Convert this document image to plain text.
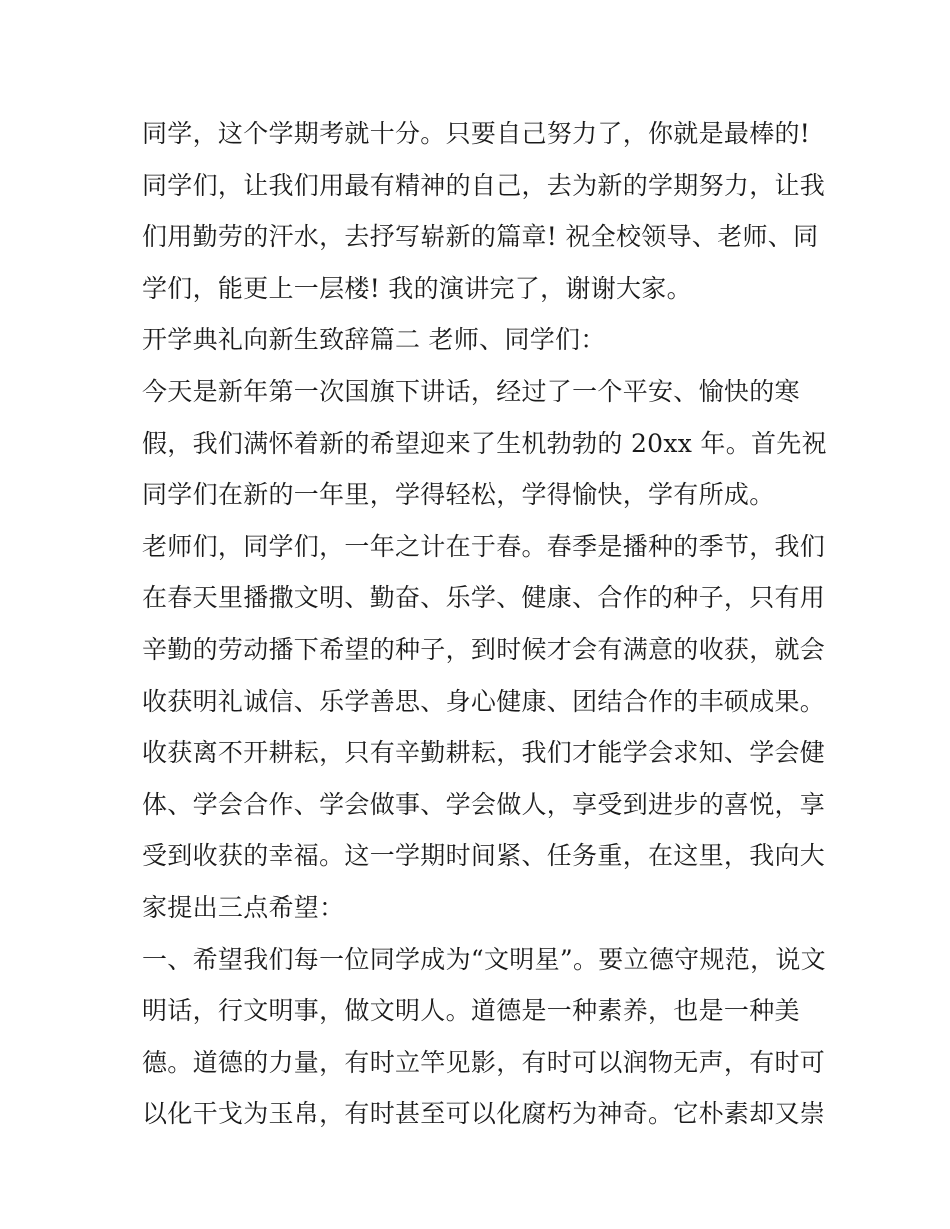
同学，这个学期考就十分。只要自己努力了，你就是最棒的!
同学们，让我们用最有精神的自己，去为新的学期努力，让我
们用勤劳的汗水，去抒写崭新的篇章! 祝全校领导、老师、同
学们，能更上一层楼! 我的演讲完了，谢谢大家。
开学典礼向新生致辞篇二 老师、同学们：
今天是新年第一次国旗下讲话，经过了一个平安、愉快的寒
假，我们满怀着新的希望迎来了生机勃勃的 20xx 年。首先祝
同学们在新的一年里，学得轻松，学得愉快，学有所成。
老师们，同学们，一年之计在于春。春季是播种的季节，我们
在春天里播撒文明、勤奋、乐学、健康、合作的种子，只有用
辛勤的劳动播下希望的种子，到时候才会有满意的收获，就会
收获明礼诚信、乐学善思、身心健康、团结合作的丰硕成果。
收获离不开耕耘，只有辛勤耕耘，我们才能学会求知、学会健
体、学会合作、学会做事、学会做人，享受到进步的喜悦，享
受到收获的幸福。这一学期时间紧、任务重，在这里，我向大
家提出三点希望：
一、希望我们每一位同学成为“文明星”。要立德守规范，说文
明话，行文明事，做文明人。道德是一种素养，也是一种美
德。道德的力量，有时立竿见影，有时可以润物无声，有时可
以化干戈为玉帛，有时甚至可以化腐朽为神奇。它朴素却又崇
